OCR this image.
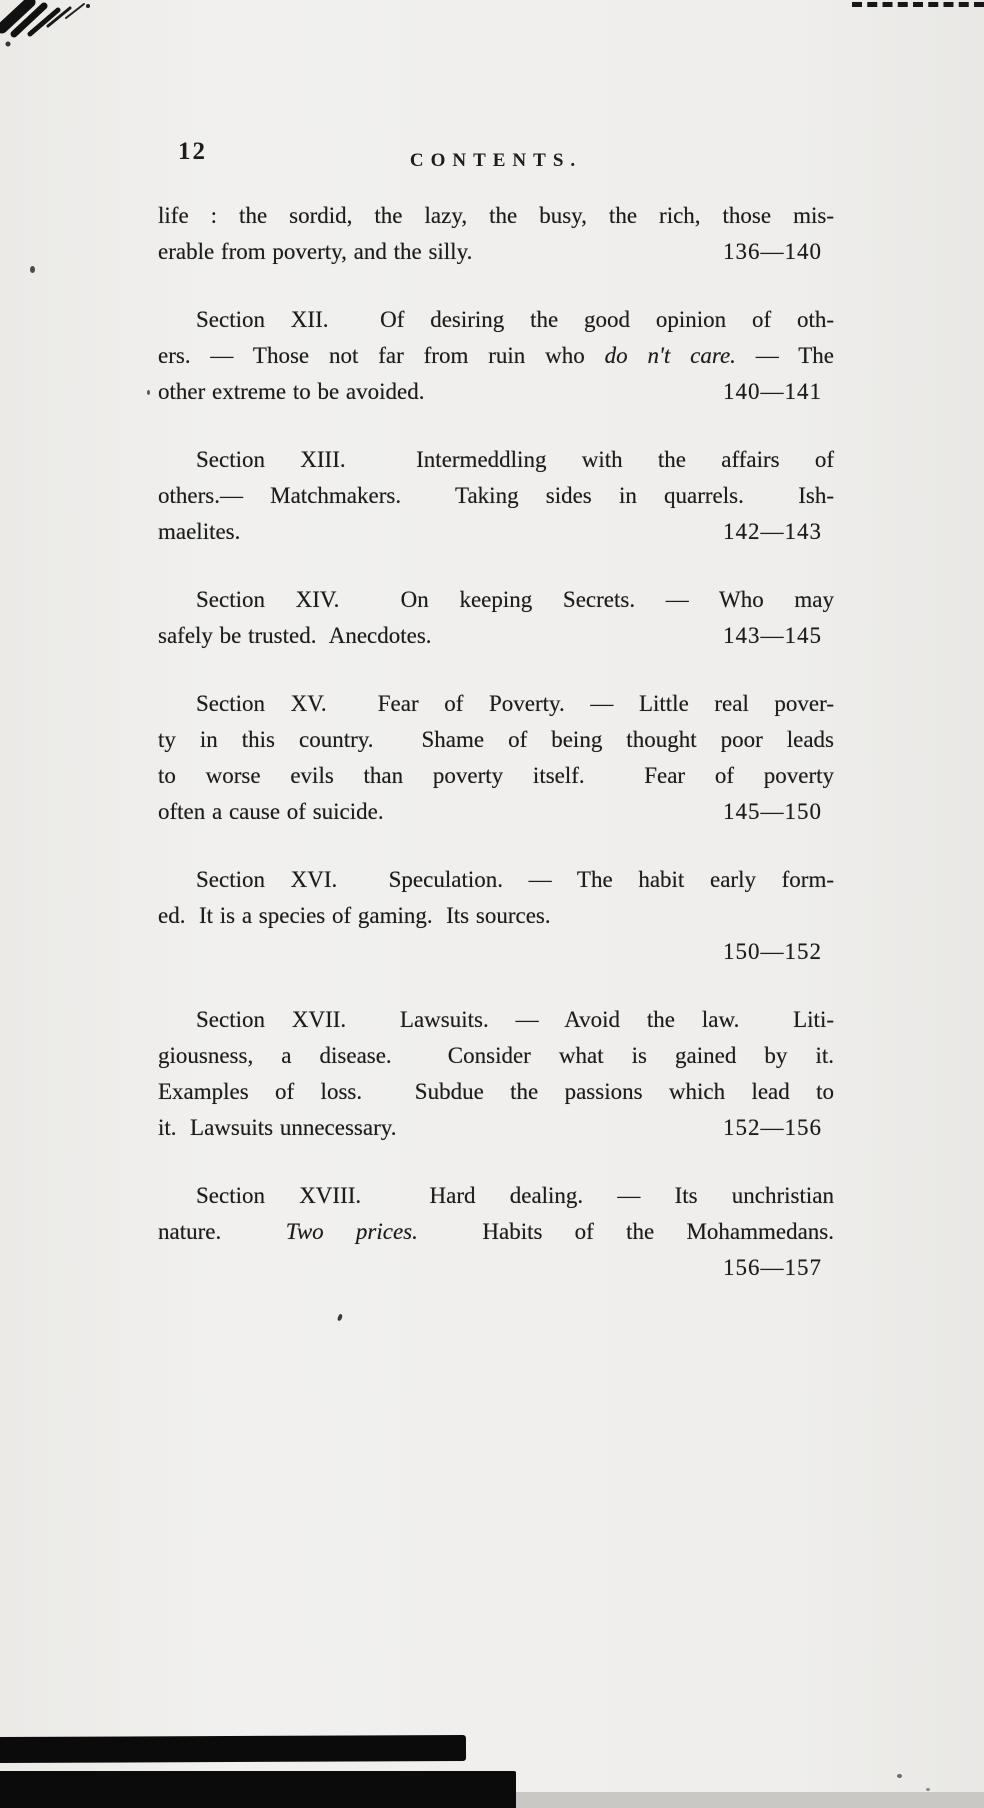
12	CONTENTS.
life : the sordid, the lazy, the busy, the rich, those mis-
erable from poverty, and the silly.	136—140
Section XII.  Of desiring the good opinion of oth-
ers. — Those not far from ruin who do n't care. — The
other extreme to be avoided.	140—141
Section XIII.  Intermeddling with the affairs of
others.— Matchmakers.  Taking sides in quarrels.  Ish-
maelites.	142—143
Section XIV.  On keeping Secrets. — Who may
safely be trusted.  Anecdotes.	143—145
Section XV.  Fear of Poverty. — Little real pover-
ty in this country.  Shame of being thought poor leads
to worse evils than poverty itself.  Fear of poverty
often a cause of suicide.	145—150
Section XVI.  Speculation. — The habit early form-
ed.  It is a species of gaming.  Its sources.
150—152
Section XVII.  Lawsuits. — Avoid the law.  Liti-
giousness, a disease.  Consider what is gained by it.
Examples of loss.  Subdue the passions which lead to
it.  Lawsuits unnecessary.	152—156
Section XVIII.  Hard dealing. — Its unchristian
nature.  Two prices.  Habits of the Mohammedans.
156—157
